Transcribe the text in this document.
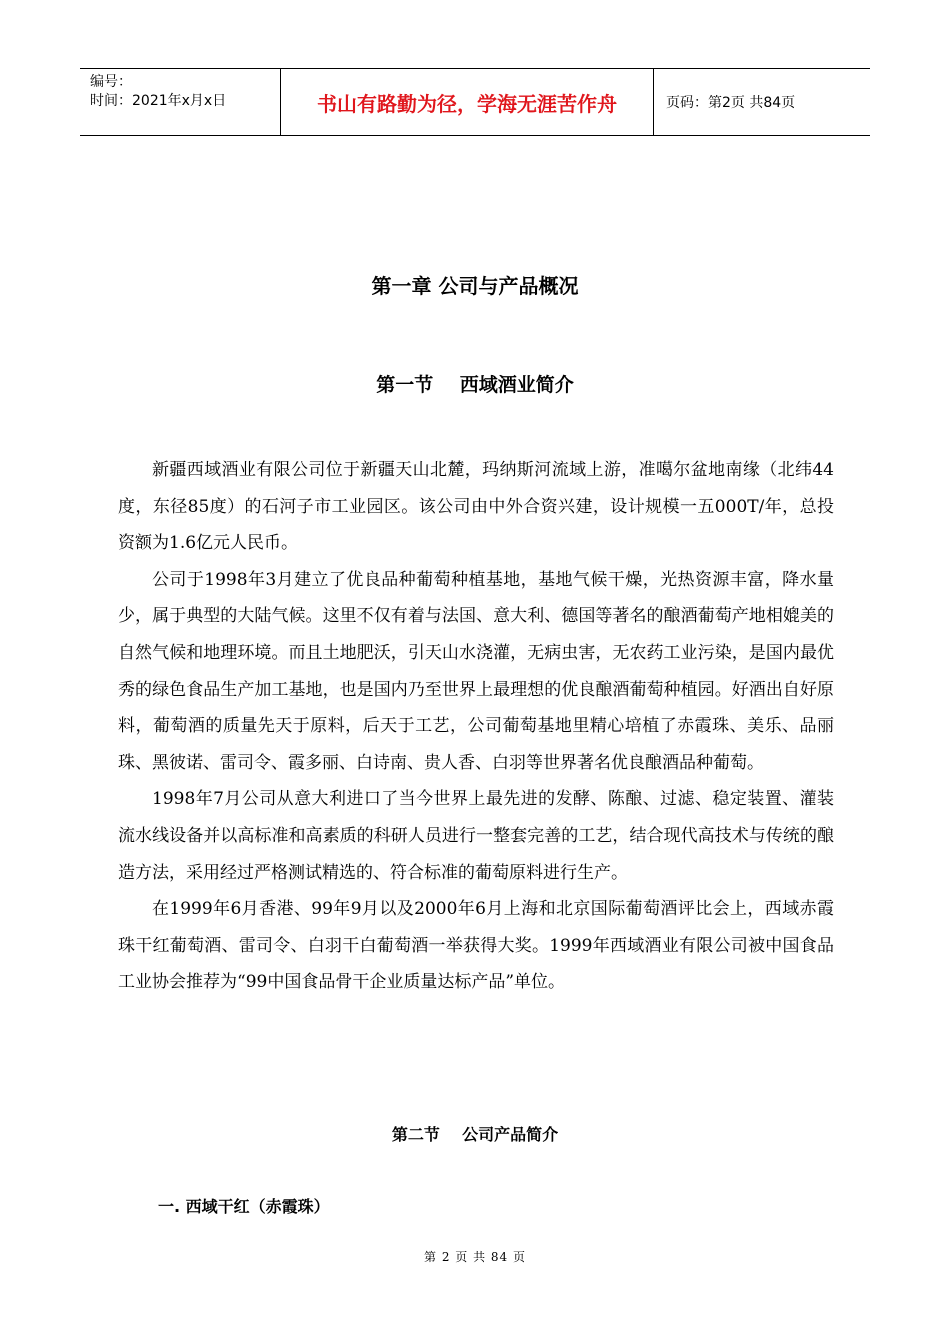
编号：
时间：2021年x月x日	书山有路勤为径，学海无涯苦作舟	页码：第2页 共84页
第一章 公司与产品概况
第一节    西域酒业简介

新疆西域酒业有限公司位于新疆天山北麓，玛纳斯河流域上游，准噶尔盆地南缘（北纬44度，东径85度）的石河子市工业园区。该公司由中外合资兴建，设计规模一五000T/年，总投资额为1.6亿元人民币。

公司于1998年3月建立了优良品种葡萄种植基地，基地气候干燥，光热资源丰富，降水量少，属于典型的大陆气候。这里不仅有着与法国、意大利、德国等著名的酿酒葡萄产地相媲美的自然气候和地理环境。而且土地肥沃，引天山水浇灌，无病虫害，无农药工业污染，是国内最优秀的绿色食品生产加工基地，也是国内乃至世界上最理想的优良酿酒葡萄种植园。好酒出自好原料，葡萄酒的质量先天于原料，后天于工艺，公司葡萄基地里精心培植了赤霞珠、美乐、品丽珠、黑彼诺、雷司令、霞多丽、白诗南、贵人香、白羽等世界著名优良酿酒品种葡萄。

1998年7月公司从意大利进口了当今世界上最先进的发酵、陈酿、过滤、稳定装置、灌装流水线设备并以高标准和高素质的科研人员进行一整套完善的工艺，结合现代高技术与传统的酿造方法，采用经过严格测试精选的、符合标准的葡萄原料进行生产。

在1999年6月香港、99年9月以及2000年6月上海和北京国际葡萄酒评比会上，西域赤霞珠干红葡萄酒、雷司令、白羽干白葡萄酒一举获得大奖。1999年西域酒业有限公司被中国食品工业协会推荐为“99中国食品骨干企业质量达标产品”单位。

第二节    公司产品简介
一. 西域干红（赤霞珠）
第 2 页 共 84 页
